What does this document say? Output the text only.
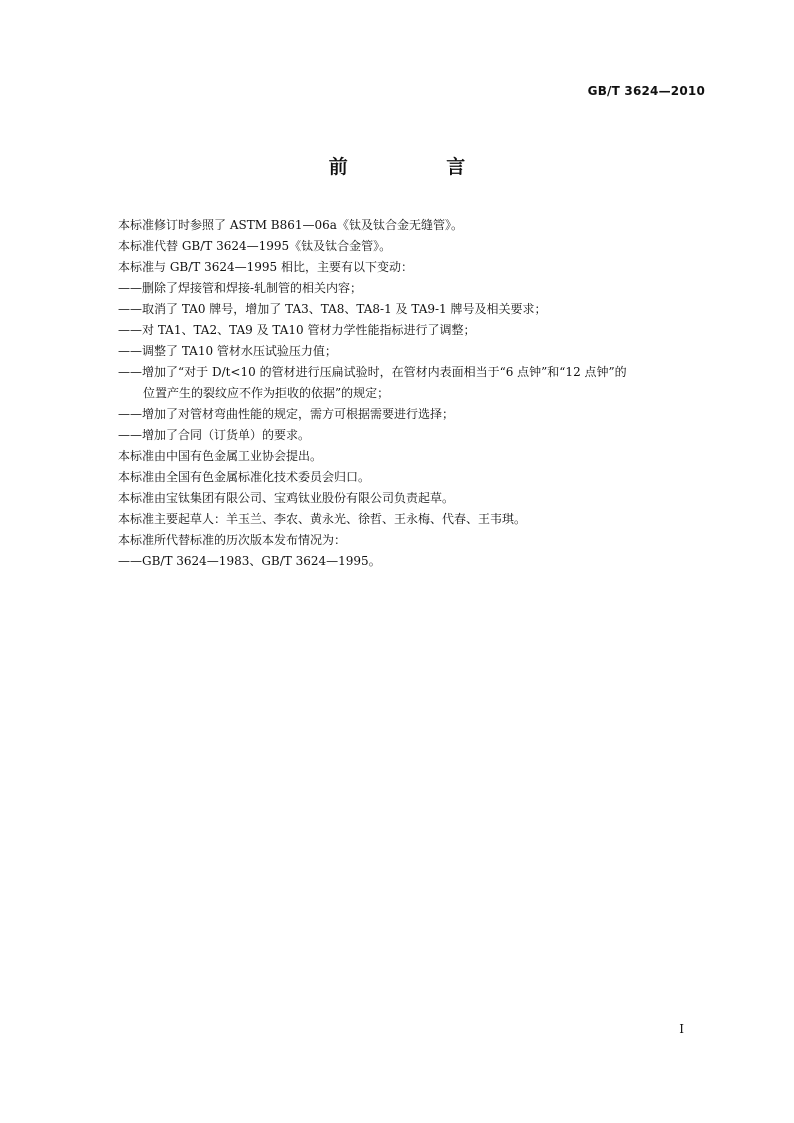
GB/T 3624—2010
前 言
本标准修订时参照了 ASTM B861—06a《钛及钛合金无缝管》。
本标准代替 GB/T 3624—1995《钛及钛合金管》。
本标准与 GB/T 3624—1995 相比，主要有以下变动：
——删除了焊接管和焊接-轧制管的相关内容；
——取消了 TA0 牌号，增加了 TA3、TA8、TA8-1 及 TA9-1 牌号及相关要求；
——对 TA1、TA2、TA9 及 TA10 管材力学性能指标进行了调整；
——调整了 TA10 管材水压试验压力值；
——增加了“对于 D/t<10 的管材进行压扁试验时，在管材内表面相当于“6 点钟”和“12 点钟”的
位置产生的裂纹应不作为拒收的依据”的规定；
——增加了对管材弯曲性能的规定，需方可根据需要进行选择；
——增加了合同（订货单）的要求。
本标准由中国有色金属工业协会提出。
本标准由全国有色金属标准化技术委员会归口。
本标准由宝钛集团有限公司、宝鸡钛业股份有限公司负责起草。
本标准主要起草人：羊玉兰、李农、黄永光、徐哲、王永梅、代春、王韦琪。
本标准所代替标准的历次版本发布情况为：
——GB/T 3624—1983、GB/T 3624—1995。
I
